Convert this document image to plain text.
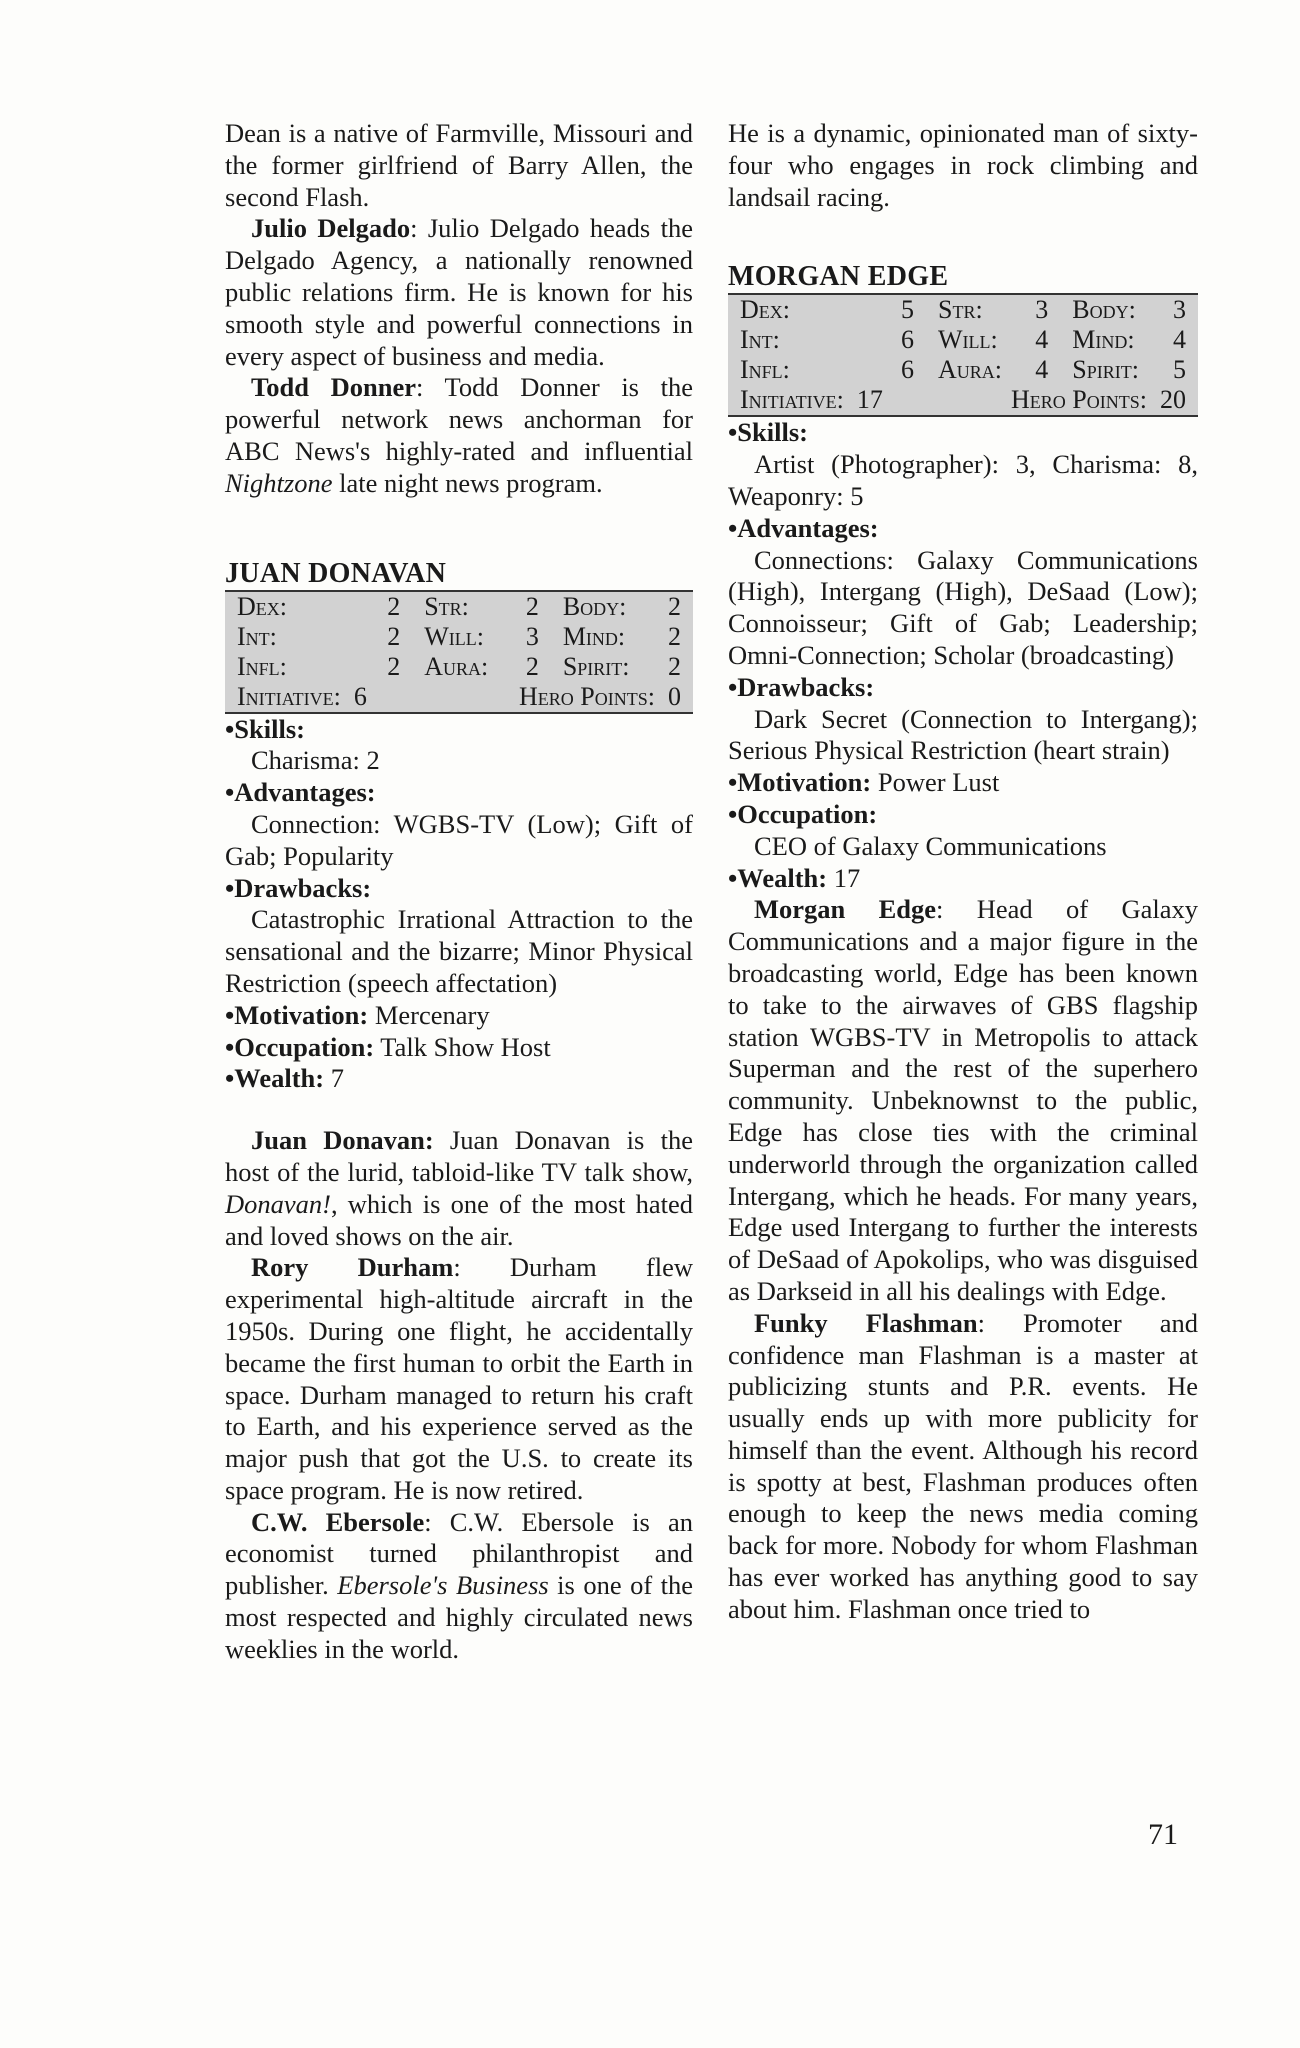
Dean is a native of Farmville, Missouri and the former girlfriend of Barry Allen, the second Flash.

Julio Delgado: Julio Delgado heads the Delgado Agency, a nationally renowned public relations firm. He is known for his smooth style and powerful connections in every aspect of business and media.

Todd Donner: Todd Donner is the powerful network news anchorman for ABC News's highly-rated and influential Nightzone late night news program.

JUAN DONAVAN
Dex:	2	Str:	2	Body:	2
Int:	2	Will:	3	Mind:	2
Infl:	2	Aura:	2	Spirit:	2
Initiative: 6		Hero Points: 0			

•Skills:

Charisma: 2

•Advantages:

Connection: WGBS-TV (Low); Gift of Gab; Popularity

•Drawbacks:

Catastrophic Irrational Attraction to the sensational and the bizarre; Minor Physical Restriction (speech affectation)

•Motivation: Mercenary

•Occupation: Talk Show Host

•Wealth: 7

Juan Donavan: Juan Donavan is the host of the lurid, tabloid-like TV talk show, Donavan!, which is one of the most hated and loved shows on the air.

Rory Durham: Durham flew experimental high-altitude aircraft in the 1950s. During one flight, he accidentally became the first human to orbit the Earth in space. Durham managed to return his craft to Earth, and his experience served as the major push that got the U.S. to create its space program. He is now retired.

C.W. Ebersole: C.W. Ebersole is an economist turned philanthropist and publisher. Ebersole's Business is one of the most respected and highly circulated news weeklies in the world.

He is a dynamic, opinionated man of sixty-four who engages in rock climbing and landsail racing.

MORGAN EDGE
Dex:	5	Str:	3	Body:	3
Int:	6	Will:	4	Mind:	4
Infl:	6	Aura:	4	Spirit:	5
Initiative: 17		Hero Points: 20			

•Skills:

Artist (Photographer): 3, Charisma: 8, Weaponry: 5

•Advantages:

Connections: Galaxy Communications (High), Intergang (High), DeSaad (Low); Connoisseur; Gift of Gab; Leadership; Omni-Connection; Scholar (broadcasting)

•Drawbacks:

Dark Secret (Connection to Intergang); Serious Physical Restriction (heart strain)

•Motivation: Power Lust

•Occupation:

CEO of Galaxy Communications

•Wealth: 17

Morgan Edge: Head of Galaxy Communications and a major figure in the broadcasting world, Edge has been known to take to the airwaves of GBS flagship station WGBS-TV in Metropolis to attack Superman and the rest of the superhero community. Unbeknownst to the public, Edge has close ties with the criminal underworld through the organization called Intergang, which he heads. For many years, Edge used Intergang to further the interests of DeSaad of Apokolips, who was disguised as Darkseid in all his dealings with Edge.

Funky Flashman: Promoter and confidence man Flashman is a master at publicizing stunts and P.R. events. He usually ends up with more publicity for himself than the event. Although his record is spotty at best, Flashman produces often enough to keep the news media coming back for more. Nobody for whom Flashman has ever worked has anything good to say about him. Flashman once tried to

71
